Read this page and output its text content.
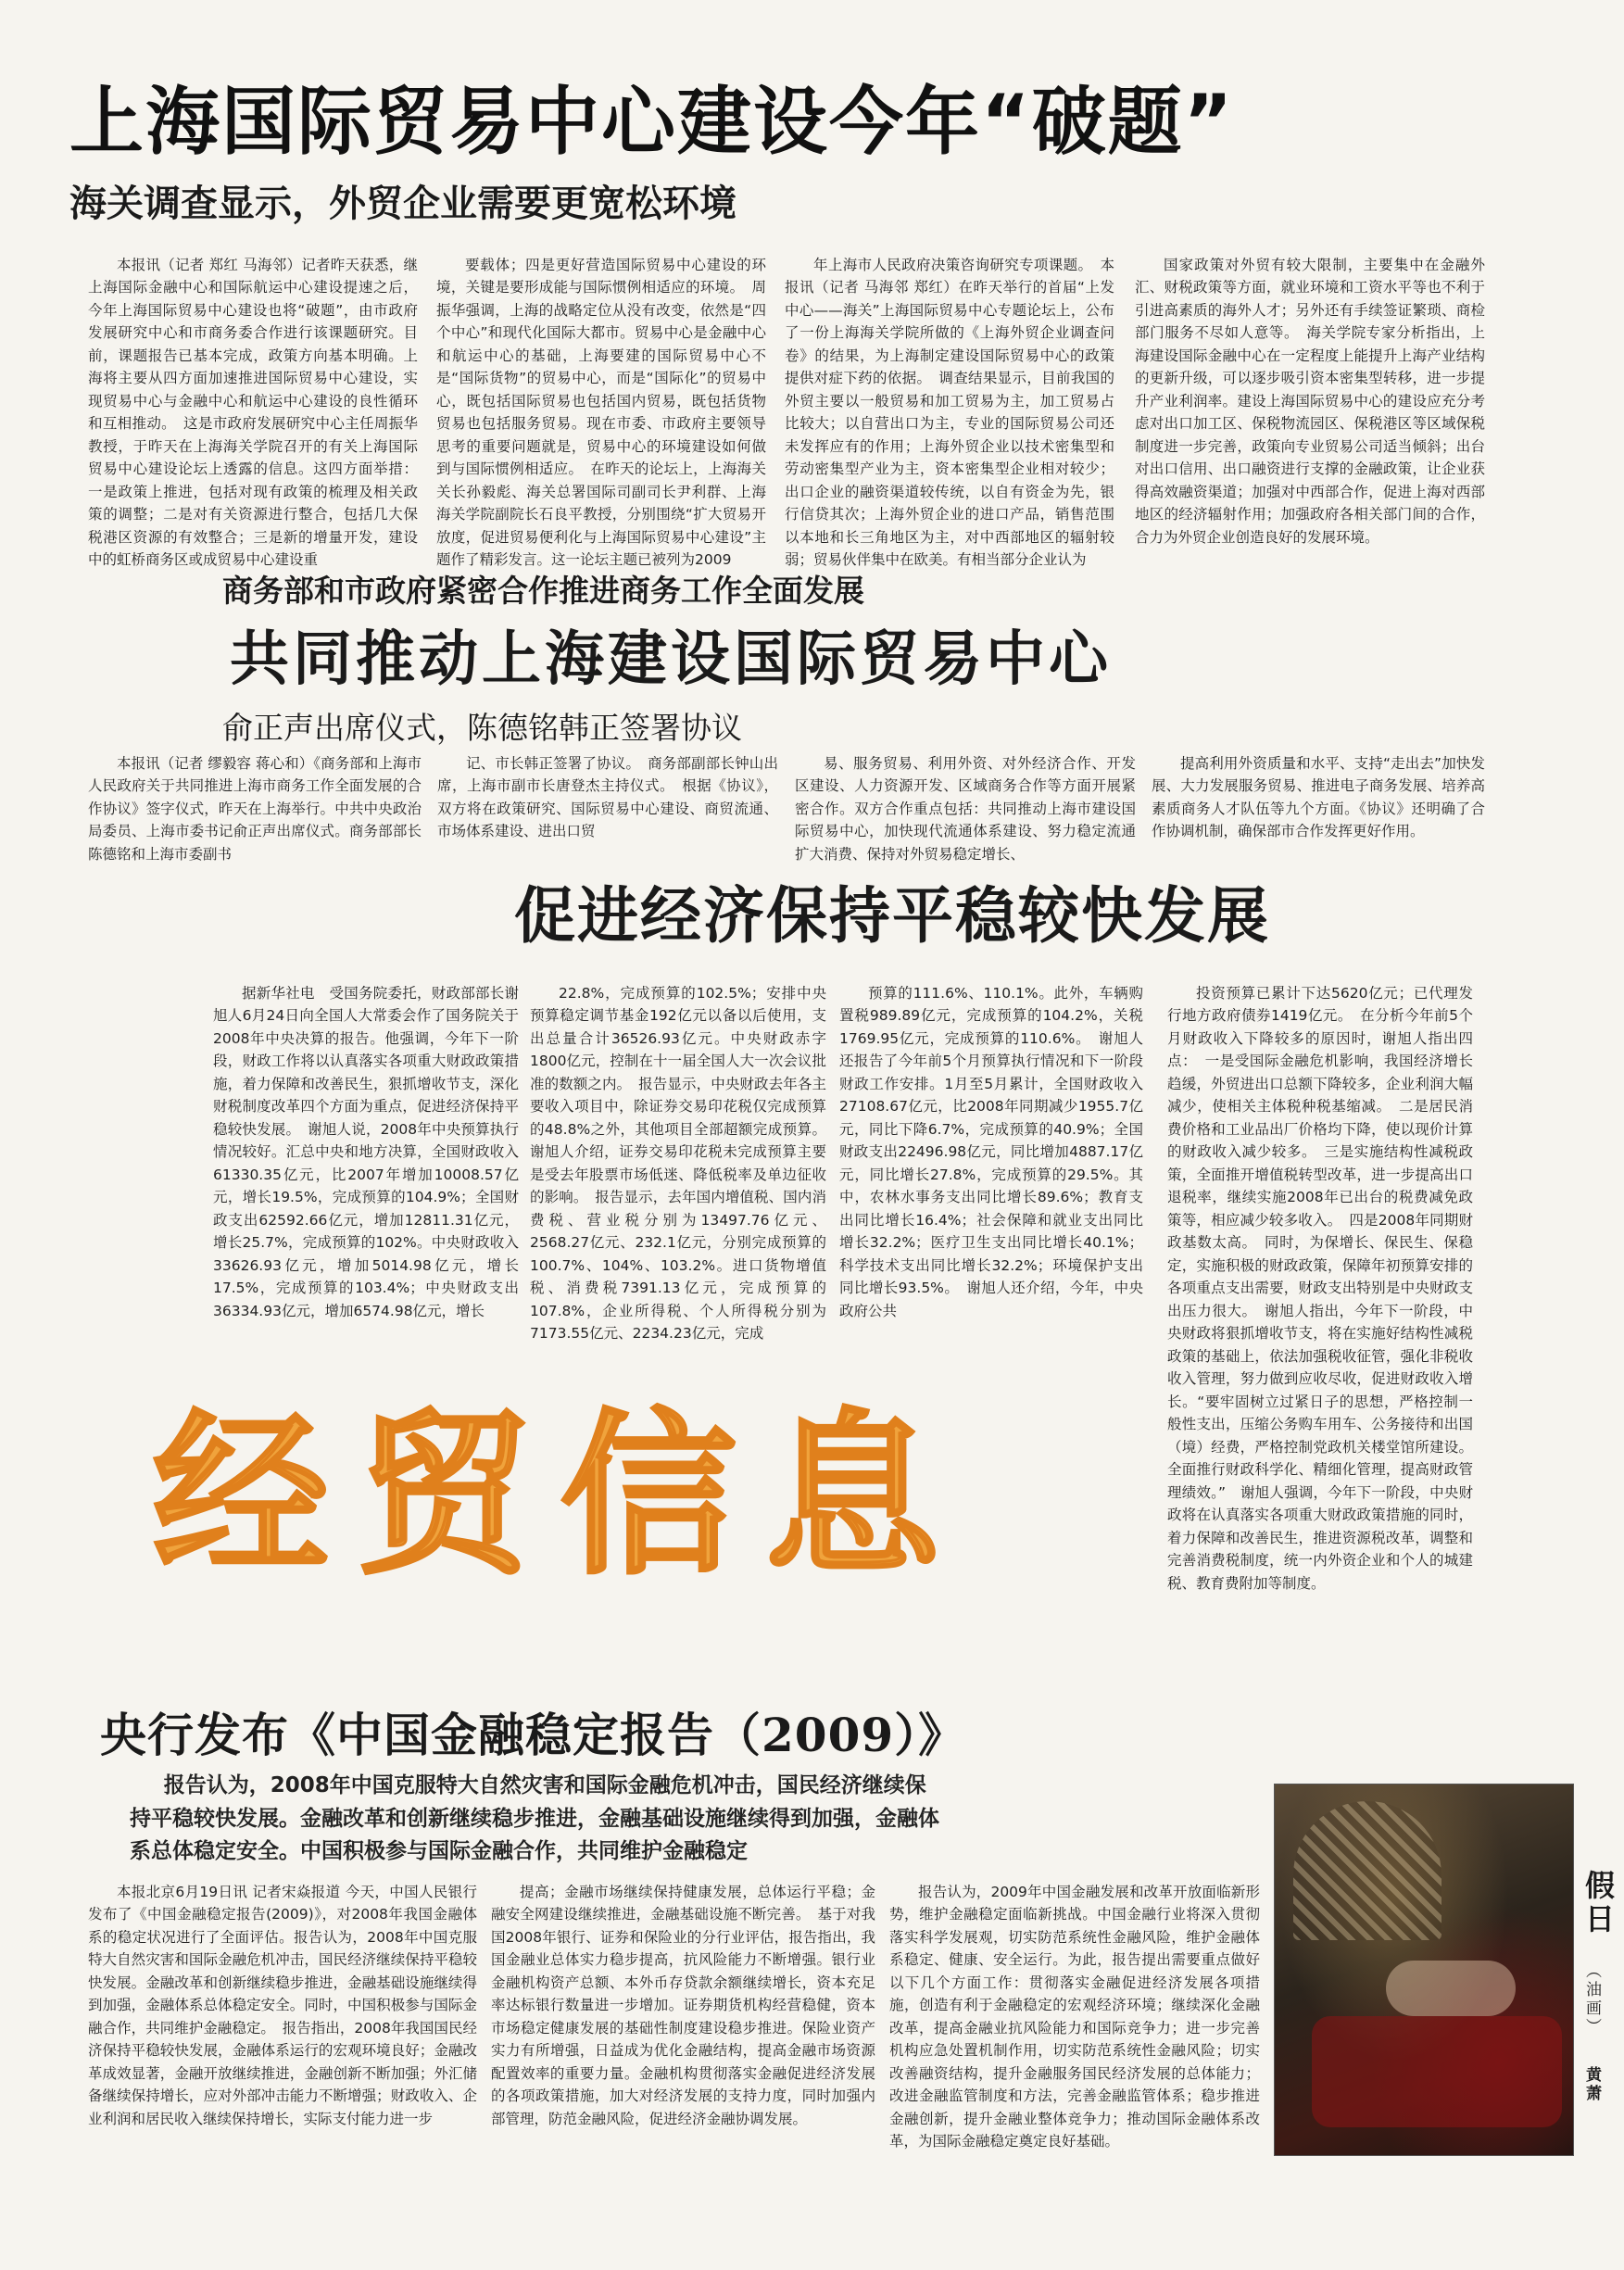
上海国际贸易中心建设今年“破题”
海关调查显示，外贸企业需要更宽松环境

本报讯（记者 郑红 马海邻）记者昨天获悉，继上海国际金融中心和国际航运中心建设提速之后，今年上海国际贸易中心建设也将“破题”，由市政府发展研究中心和市商务委合作进行该课题研究。目前，课题报告已基本完成，政策方向基本明确。上海将主要从四方面加速推进国际贸易中心建设，实现贸易中心与金融中心和航运中心建设的良性循环和互相推动。　这是市政府发展研究中心主任周振华教授，于昨天在上海海关学院召开的有关上海国际贸易中心建设论坛上透露的信息。这四方面举措：一是政策上推进，包括对现有政策的梳理及相关政策的调整；二是对有关资源进行整合，包括几大保税港区资源的有效整合；三是新的增量开发，建设中的虹桥商务区或成贸易中心建设重

要载体；四是更好营造国际贸易中心建设的环境，关键是要形成能与国际惯例相适应的环境。　周振华强调，上海的战略定位从没有改变，依然是“四个中心”和现代化国际大都市。贸易中心是金融中心和航运中心的基础，上海要建的国际贸易中心不是“国际货物”的贸易中心，而是“国际化”的贸易中心，既包括国际贸易也包括国内贸易，既包括货物贸易也包括服务贸易。现在市委、市政府主要领导思考的重要问题就是，贸易中心的环境建设如何做到与国际惯例相适应。　在昨天的论坛上，上海海关关长孙毅彪、海关总署国际司副司长尹利群、上海海关学院副院长石良平教授，分别围绕“扩大贸易开放度，促进贸易便利化与上海国际贸易中心建设”主题作了精彩发言。这一论坛主题已被列为2009

年上海市人民政府决策咨询研究专项课题。　本报讯（记者 马海邻 郑红）在昨天举行的首届“上发中心——海关”上海国际贸易中心专题论坛上，公布了一份上海海关学院所做的《上海外贸企业调查问卷》的结果，为上海制定建设国际贸易中心的政策提供对症下药的依据。　调查结果显示，目前我国的外贸主要以一般贸易和加工贸易为主，加工贸易占比较大；以自营出口为主，专业的国际贸易公司还未发挥应有的作用；上海外贸企业以技术密集型和劳动密集型产业为主，资本密集型企业相对较少；出口企业的融资渠道较传统，以自有资金为先，银行信贷其次；上海外贸企业的进口产品，销售范围以本地和长三角地区为主，对中西部地区的辐射较弱；贸易伙伴集中在欧美。有相当部分企业认为

国家政策对外贸有较大限制，主要集中在金融外汇、财税政策等方面，就业环境和工资水平等也不利于引进高素质的海外人才；另外还有手续签证繁琐、商检部门服务不尽如人意等。　海关学院专家分析指出，上海建设国际金融中心在一定程度上能提升上海产业结构的更新升级，可以逐步吸引资本密集型转移，进一步提升产业利润率。建设上海国际贸易中心的建设应充分考虑对出口加工区、保税物流园区、保税港区等区域保税制度进一步完善，政策向专业贸易公司适当倾斜；出台对出口信用、出口融资进行支撑的金融政策，让企业获得高效融资渠道；加强对中西部合作，促进上海对西部地区的经济辐射作用；加强政府各相关部门间的合作，合力为外贸企业创造良好的发展环境。

商务部和市政府紧密合作推进商务工作全面发展
共同推动上海建设国际贸易中心
俞正声出席仪式，陈德铭韩正签署协议

本报讯（记者 缪毅容 蒋心和）《商务部和上海市人民政府关于共同推进上海市商务工作全面发展的合作协议》签字仪式，昨天在上海举行。中共中央政治局委员、上海市委书记俞正声出席仪式。商务部部长陈德铭和上海市委副书

记、市长韩正签署了协议。　商务部副部长钟山出席，上海市副市长唐登杰主持仪式。　根据《协议》，双方将在政策研究、国际贸易中心建设、商贸流通、市场体系建设、进出口贸

易、服务贸易、利用外资、对外经济合作、开发区建设、人力资源开发、区域商务合作等方面开展紧密合作。双方合作重点包括：共同推动上海市建设国际贸易中心，加快现代流通体系建设、努力稳定流通扩大消费、保持对外贸易稳定增长、

提高利用外资质量和水平、支持“走出去”加快发展、大力发展服务贸易、推进电子商务发展、培养高素质商务人才队伍等九个方面。《协议》还明确了合作协调机制，确保部市合作发挥更好作用。

促进经济保持平稳较快发展

据新华社电　受国务院委托，财政部部长谢旭人6月24日向全国人大常委会作了国务院关于2008年中央决算的报告。他强调，今年下一阶段，财政工作将以认真落实各项重大财政政策措施，着力保障和改善民生，狠抓增收节支，深化财税制度改革四个方面为重点，促进经济保持平稳较快发展。　谢旭人说，2008年中央预算执行情况较好。汇总中央和地方决算，全国财政收入61330.35亿元，比2007年增加10008.57亿元，增长19.5%，完成预算的104.9%；全国财政支出62592.66亿元，增加12811.31亿元，增长25.7%，完成预算的102%。中央财政收入33626.93亿元，增加5014.98亿元，增长17.5%，完成预算的103.4%；中央财政支出36334.93亿元，增加6574.98亿元，增长

22.8%，完成预算的102.5%；安排中央预算稳定调节基金192亿元以备以后使用，支出总量合计36526.93亿元。中央财政赤字1800亿元，控制在十一届全国人大一次会议批准的数额之内。　报告显示，中央财政去年各主要收入项目中，除证券交易印花税仅完成预算的48.8%之外，其他项目全部超额完成预算。谢旭人介绍，证券交易印花税未完成预算主要是受去年股票市场低迷、降低税率及单边征收的影响。　报告显示，去年国内增值税、国内消费税、营业税分别为13497.76亿元、2568.27亿元、232.1亿元，分别完成预算的100.7%、104%、103.2%。进口货物增值税、消费税7391.13亿元，完成预算的107.8%，企业所得税、个人所得税分别为7173.55亿元、2234.23亿元，完成

预算的111.6%、110.1%。此外，车辆购置税989.89亿元，完成预算的104.2%，关税1769.95亿元，完成预算的110.6%。　谢旭人还报告了今年前5个月预算执行情况和下一阶段财政工作安排。1月至5月累计，全国财政收入27108.67亿元，比2008年同期减少1955.7亿元，同比下降6.7%，完成预算的40.9%；全国财政支出22496.98亿元，同比增加4887.17亿元，同比增长27.8%，完成预算的29.5%。其中，农林水事务支出同比增长89.6%；教育支出同比增长16.4%；社会保障和就业支出同比增长32.2%；医疗卫生支出同比增长40.1%；科学技术支出同比增长32.2%；环境保护支出同比增长93.5%。　谢旭人还介绍，今年，中央政府公共

投资预算已累计下达5620亿元；已代理发行地方政府债券1419亿元。　在分析今年前5个月财政收入下降较多的原因时，谢旭人指出四点：　一是受国际金融危机影响，我国经济增长趋缓，外贸进出口总额下降较多，企业利润大幅减少，使相关主体税种税基缩减。　二是居民消费价格和工业品出厂价格均下降，使以现价计算的财政收入减少较多。　三是实施结构性减税政策，全面推开增值税转型改革，进一步提高出口退税率，继续实施2008年已出台的税费减免政策等，相应减少较多收入。　四是2008年同期财政基数太高。　同时，为保增长、保民生、保稳定，实施积极的财政政策，保障年初预算安排的各项重点支出需要，财政支出特别是中央财政支出压力很大。　谢旭人指出，今年下一阶段，中央财政将狠抓增收节支，将在实施好结构性减税政策的基础上，依法加强税收征管，强化非税收收入管理，努力做到应收尽收，促进财政收入增长。“要牢固树立过紧日子的思想，严格控制一般性支出，压缩公务购车用车、公务接待和出国（境）经费，严格控制党政机关楼堂馆所建设。全面推行财政科学化、精细化管理，提高财政管理绩效。”　谢旭人强调，今年下一阶段，中央财政将在认真落实各项重大财政政策措施的同时，着力保障和改善民生，推进资源税改革，调整和完善消费税制度，统一内外资企业和个人的城建税、教育费附加等制度。

经贸信息
央行发布《中国金融稳定报告（2009）》
报告认为，2008年中国克服特大自然灾害和国际金融危机冲击，国民经济继续保持平稳较快发展。金融改革和创新继续稳步推进，金融基础设施继续得到加强，金融体系总体稳定安全。中国积极参与国际金融合作，共同维护金融稳定

本报北京6月19日讯 记者宋焱报道 今天，中国人民银行发布了《中国金融稳定报告(2009)》，对2008年我国金融体系的稳定状况进行了全面评估。报告认为，2008年中国克服特大自然灾害和国际金融危机冲击，国民经济继续保持平稳较快发展。金融改革和创新继续稳步推进，金融基础设施继续得到加强，金融体系总体稳定安全。同时，中国积极参与国际金融合作，共同维护金融稳定。　报告指出，2008年我国国民经济保持平稳较快发展，金融体系运行的宏观环境良好；金融改革成效显著，金融开放继续推进，金融创新不断加强；外汇储备继续保持增长，应对外部冲击能力不断增强；财政收入、企业利润和居民收入继续保持增长，实际支付能力进一步

提高；金融市场继续保持健康发展，总体运行平稳；金融安全网建设继续推进，金融基础设施不断完善。　基于对我国2008年银行、证券和保险业的分行业评估，报告指出，我国金融业总体实力稳步提高，抗风险能力不断增强。银行业金融机构资产总额、本外币存贷款余额继续增长，资本充足率达标银行数量进一步增加。证券期货机构经营稳健，资本市场稳定健康发展的基础性制度建设稳步推进。保险业资产实力有所增强，日益成为优化金融结构，提高金融市场资源配置效率的重要力量。金融机构贯彻落实金融促进经济发展的各项政策措施，加大对经济发展的支持力度，同时加强内部管理，防范金融风险，促进经济金融协调发展。

报告认为，2009年中国金融发展和改革开放面临新形势，维护金融稳定面临新挑战。中国金融行业将深入贯彻落实科学发展观，切实防范系统性金融风险，维护金融体系稳定、健康、安全运行。为此，报告提出需要重点做好以下几个方面工作：贯彻落实金融促进经济发展各项措施，创造有利于金融稳定的宏观经济环境；继续深化金融改革，提高金融业抗风险能力和国际竞争力；进一步完善机构应急处置机制作用，切实防范系统性金融风险；切实改善融资结构，提升金融服务国民经济发展的总体能力；改进金融监管制度和方法，完善金融监管体系；稳步推进金融创新，提升金融业整体竞争力；推动国际金融体系改革，为国际金融稳定奠定良好基础。

假日
（油画）
黄萧
